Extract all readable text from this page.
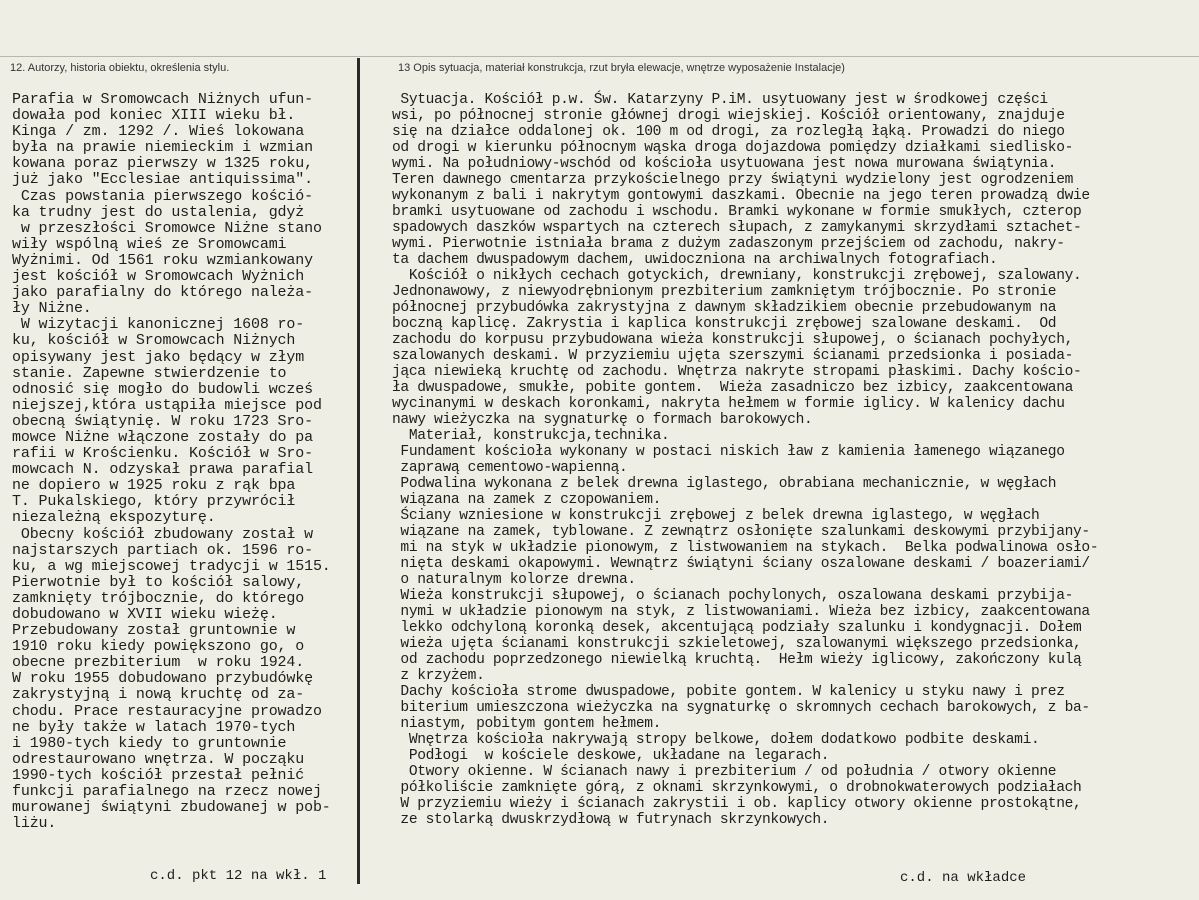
12. Autorzy, historia obiektu, określenia stylu.	13 Opis sytuacja, materiał konstrukcja, rzut bryła elewacje, wnętrze wyposażenie Instalacje)
Parafia w Sromowcach Niżnych ufun-
dowała pod koniec XIII wieku bł.
Kinga / zm. 1292 /. Wieś lokowana
była na prawie niemieckim i wzmian
kowana poraz pierwszy w 1325 roku,
już jako "Ecclesiae antiquissima".
Czas powstania pierwszego kośció-
ka trudny jest do ustalenia, gdyż
w przeszłości Sromowce Niżne stano
wiły wspólną wieś ze Sromowcami
Wyżnimi. Od 1561 roku wzmiankowany
jest kościół w Sromowcach Wyżnich
jako parafialny do którego należa-
ły Niżne.
W wizytacji kanonicznej 1608 ro-
ku, kościół w Sromowcach Niżnych
opisywany jest jako będący w złym
stanie. Zapewne stwierdzenie to
odnosić się mogło do budowli wcześ
niejszej,która ustąpiła miejsce pod
obecną świątynię. W roku 1723 Sro-
mowce Niżne włączone zostały do pa
rafii w Krościenku. Kościół w Sro-
mowcach N. odzyskał prawa parafial
ne dopiero w 1925 roku z rąk bpa
T. Pukalskiego, który przywrócił
niezależną ekspozyturę.
Obecny kościół zbudowany został w
najstarszych partiach ok. 1596 ro-
ku, a wg miejscowej tradycji w 1515.
Pierwotnie był to kościół salowy,
zamknięty trójbocznie, do którego
dobudowano w XVII wieku wieżę.
Przebudowany został gruntownie w
1910 roku kiedy powiększono go, o
obecne prezbiterium  w roku 1924.
W roku 1955 dobudowano przybudówkę
zakrystyjną i nową kruchtę od za-
chodu. Prace restauracyjne prowadzo
ne były także w latach 1970-tych
i 1980-tych kiedy to gruntownie
odrestaurowano wnętrza. W począku
1990-tych kościół przestał pełnić
funkcji parafialnego na rzecz nowej
murowanej świątyni zbudowanej w pob-
liżu.
Sytuacja. Kościół p.w. Św. Katarzyny P.iM. usytuowany jest w środkowej części
wsi, po północnej stronie głównej drogi wiejskiej. Kościół orientowany, znajduje
się na działce oddalonej ok. 100 m od drogi, za rozległą łąką. Prowadzi do niego
od drogi w kierunku północnym wąska droga dojazdowa pomiędzy działkami siedlisko-
wymi. Na południowy-wschód od kościoła usytuowana jest nowa murowana świątynia.
Teren dawnego cmentarza przykościelnego przy świątyni wydzielony jest ogrodzeniem
wykonanym z bali i nakrytym gontowymi daszkami. Obecnie na jego teren prowadzą dwie
bramki usytuowane od zachodu i wschodu. Bramki wykonane w formie smukłych, czterop
spadowych daszków wspartych na czterech słupach, z zamykanymi skrzydłami sztachet-
wymi. Pierwotnie istniała brama z dużym zadaszonym przejściem od zachodu, nakry-
ta dachem dwuspadowym dachem, uwidoczniona na archiwalnych fotografiach.
Kościół o nikłych cechach gotyckich, drewniany, konstrukcji zrębowej, szalowany.
Jednonawowy, z niewyodrębnionym prezbiterium zamkniętym trójbocznie. Po stronie
północnej przybudówka zakrystyjna z dawnym składzikiem obecnie przebudowanym na
boczną kaplicę. Zakrystia i kaplica konstrukcji zrębowej szalowane deskami.  Od
zachodu do korpusu przybudowana wieża konstrukcji słupowej, o ścianach pochyłych,
szalowanych deskami. W przyziemiu ujęta szerszymi ścianami przedsionka i posiada-
jąca niewieką kruchtę od zachodu. Wnętrza nakryte stropami płaskimi. Dachy kościo-
ła dwuspadowe, smukłe, pobite gontem.  Wieża zasadniczo bez izbicy, zaakcentowana
wycinanymi w deskach koronkami, nakryta hełmem w formie iglicy. W kalenicy dachu
nawy wieżyczka na sygnaturkę o formach barokowych.
Materiał, konstrukcja,technika.
Fundament kościoła wykonany w postaci niskich ław z kamienia łamenego wiązanego
zaprawą cementowo-wapienną.
Podwalina wykonana z belek drewna iglastego, obrabiana mechanicznie, w węgłach
wiązana na zamek z czopowaniem.
Ściany wzniesione w konstrukcji zrębowej z belek drewna iglastego, w węgłach
wiązane na zamek, tyblowane. Z zewnątrz osłonięte szalunkami deskowymi przybijany-
mi na styk w układzie pionowym, z listwowaniem na stykach.  Belka podwalinowa osło-
nięta deskami okapowymi. Wewnątrz świątyni ściany oszalowane deskami / boazeriami/
o naturalnym kolorze drewna.
Wieża konstrukcji słupowej, o ścianach pochylonych, oszalowana deskami przybija-
nymi w układzie pionowym na styk, z listwowaniami. Wieża bez izbicy, zaakcentowana
lekko odchyloną koronką desek, akcentującą podziały szalunku i kondygnacji. Dołem
wieża ujęta ścianami konstrukcji szkieletowej, szalowanymi większego przedsionka,
od zachodu poprzedzonego niewielką kruchtą.  Hełm wieży iglicowy, zakończony kulą
z krzyżem.
Dachy kościoła strome dwuspadowe, pobite gontem. W kalenicy u styku nawy i prez
biterium umieszczona wieżyczka na sygnaturkę o skromnych cechach barokowych, z ba-
niastym, pobitym gontem hełmem.
Wnętrza kościoła nakrywają stropy belkowe, dołem dodatkowo podbite deskami.
Podłogi  w kościele deskowe, układane na legarach.
Otwory okienne. W ścianach nawy i prezbiterium / od południa / otwory okienne
półkoliście zamknięte górą, z oknami skrzynkowymi, o drobnokwaterowych podziałach
W przyziemiu wieży i ścianach zakrystii i ob. kaplicy otwory okienne prostokątne,
ze stolarką dwuskrzydłową w futrynach skrzynkowych.
c.d. pkt 12 na wkł. 1	c.d. na wkładce
